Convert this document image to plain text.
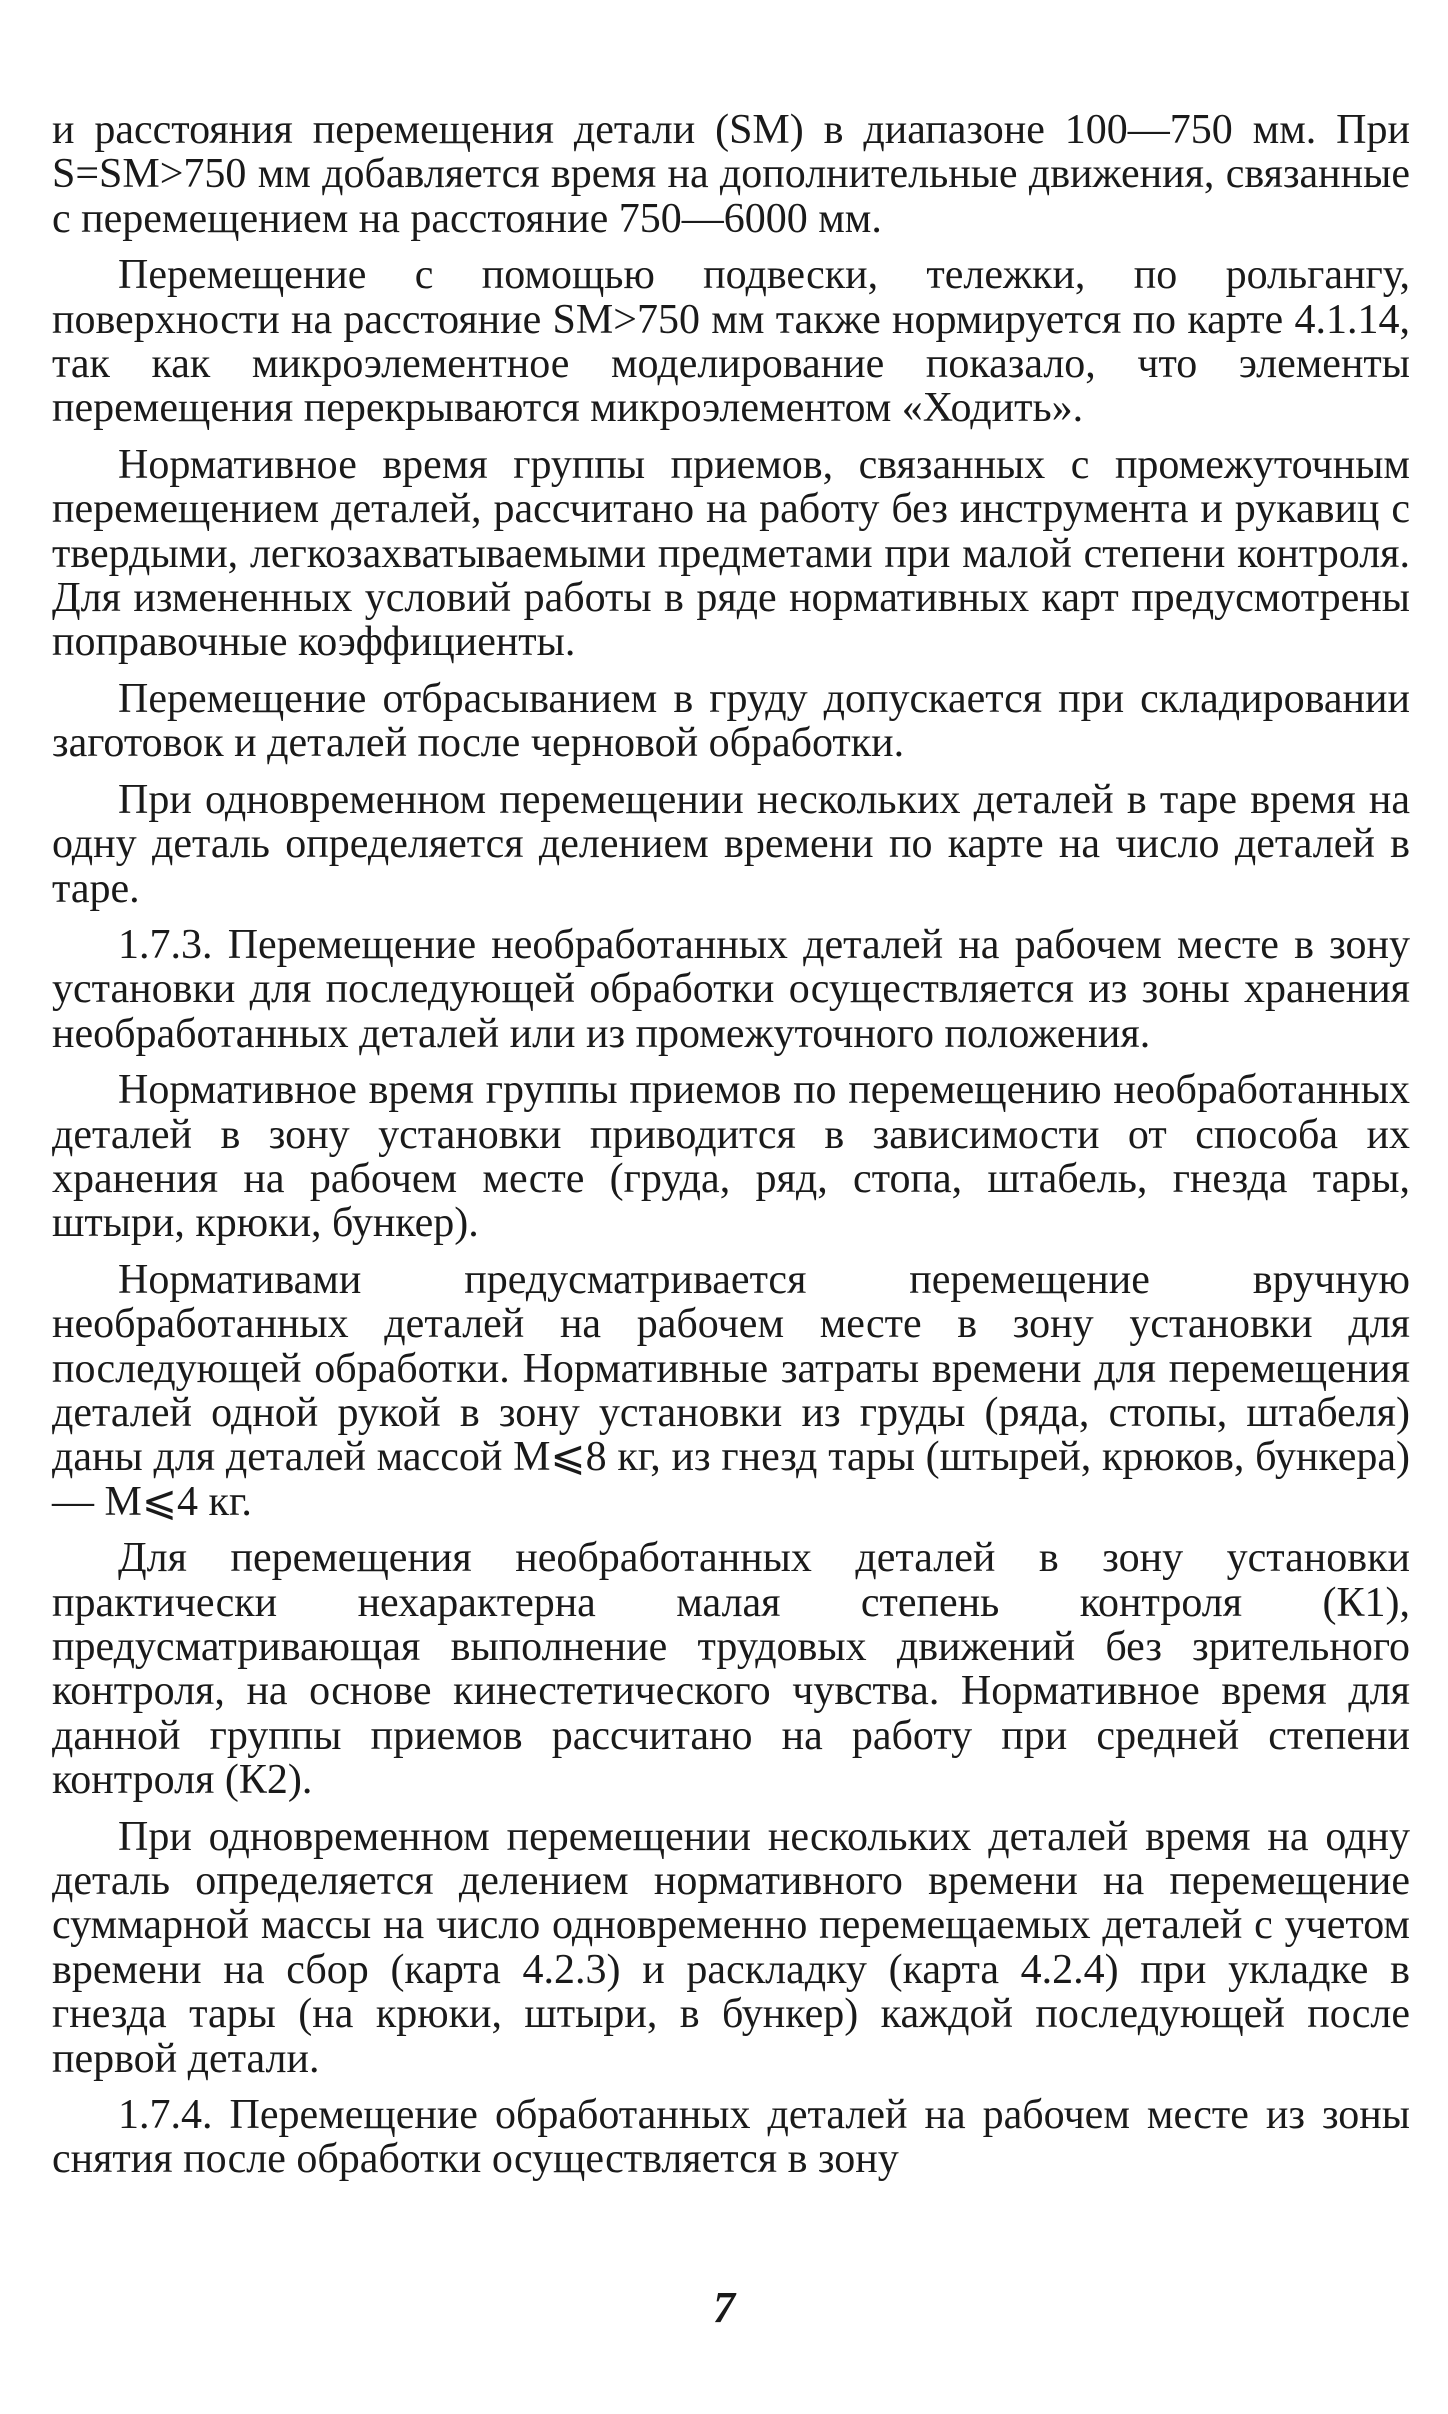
и расстояния перемещения детали (SM) в диапазоне 100—750 мм. При S=SM>750 мм добавляется время на дополнительные движения, связанные с перемещением на расстояние 750—6000 мм.

Перемещение с помощью подвески, тележки, по рольгангу, поверхности на расстояние SM>750 мм также нормируется по карте 4.1.14, так как микроэлементное моделирование показало, что элементы перемещения перекрываются микроэлементом «Ходить».

Нормативное время группы приемов, связанных с промежуточным перемещением деталей, рассчитано на работу без инструмента и рукавиц с твердыми, легкозахватываемыми предметами при малой степени контроля. Для измененных условий работы в ряде нормативных карт предусмотрены поправочные коэффициенты.

Перемещение отбрасыванием в груду допускается при складировании заготовок и деталей после черновой обработки.

При одновременном перемещении нескольких деталей в таре время на одну деталь определяется делением времени по карте на число деталей в таре.

1.7.3. Перемещение необработанных деталей на рабочем месте в зону установки для последующей обработки осуществляется из зоны хранения необработанных деталей или из промежуточного положения.

Нормативное время группы приемов по перемещению необработанных деталей в зону установки приводится в зависимости от способа их хранения на рабочем месте (груда, ряд, стопа, штабель, гнезда тары, штыри, крюки, бункер).

Нормативами предусматривается перемещение вручную необработанных деталей на рабочем месте в зону установки для последующей обработки. Нормативные затраты времени для перемещения деталей одной рукой в зону установки из груды (ряда, стопы, штабеля) даны для деталей массой M⩽8 кг, из гнезд тары (штырей, крюков, бункера) — M⩽4 кг.

Для перемещения необработанных деталей в зону установки практически нехарактерна малая степень контроля (К1), предусматривающая выполнение трудовых движений без зрительного контроля, на основе кинестетического чувства. Нормативное время для данной группы приемов рассчитано на работу при средней степени контроля (К2).

При одновременном перемещении нескольких деталей время на одну деталь определяется делением нормативного времени на перемещение суммарной массы на число одновременно перемещаемых деталей с учетом времени на сбор (карта 4.2.3) и раскладку (карта 4.2.4) при укладке в гнезда тары (на крюки, штыри, в бункер) каждой последующей после первой детали.

1.7.4. Перемещение обработанных деталей на рабочем месте из зоны снятия после обработки осуществляется в зону

7
